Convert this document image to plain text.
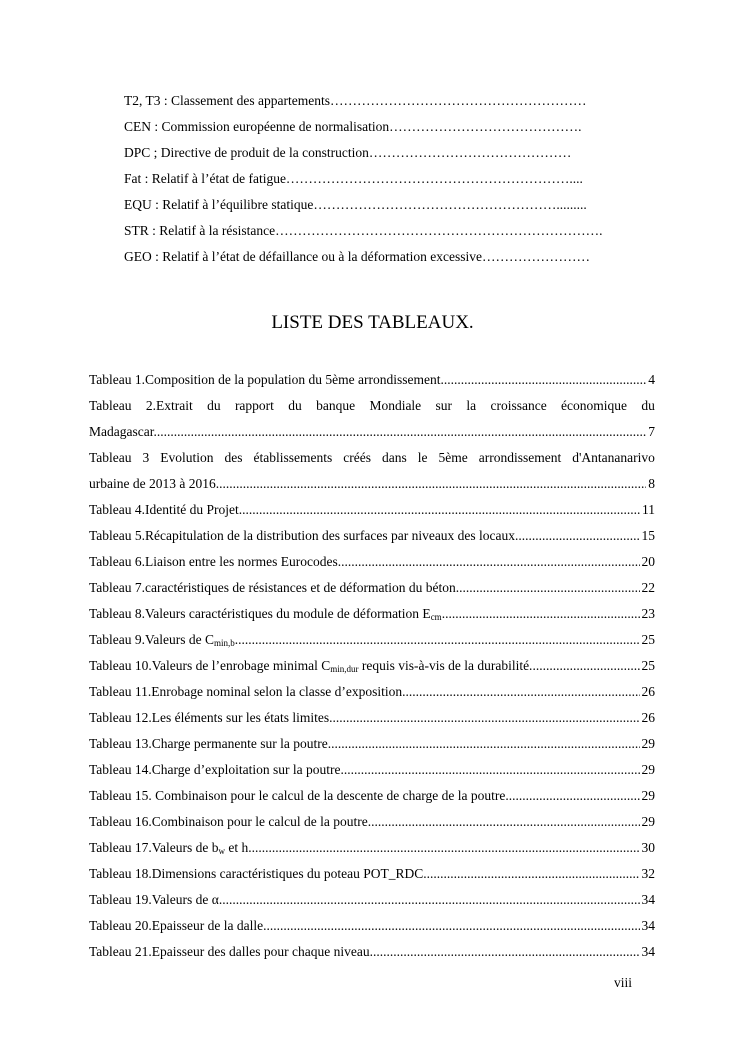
T2, T3 : Classement des appartements…………………………………………………
CEN : Commission européenne de normalisation…………………………………….
DPC ; Directive de produit de la construction………………………………………
Fat : Relatif à l’état de fatigue………………………………………………………....
EQU : Relatif à l’équilibre statique……………………………………………….........
STR : Relatif à la résistance……………………………………………………………….
GEO : Relatif à l’état de défaillance ou à la déformation excessive……………………
LISTE DES TABLEAUX.
Tableau 1.Composition de la population du 5ème arrondissement. .....	4
Tableau 2.Extrait du rapport du banque Mondiale sur la croissance économique du
Madagascar. .....	7
Tableau 3 Evolution des établissements créés dans le 5ème arrondissement d'Antananarivo
urbaine de 2013 à 2016. .....	8
Tableau 4.Identité du Projet. .....	11
Tableau 5.Récapitulation de la distribution des surfaces par niveaux des locaux. .....	15
Tableau 6.Liaison entre les normes Eurocodes. .....	20
Tableau 7.caractéristiques de résistances et de déformation du béton. .....	22
Tableau 8.Valeurs caractéristiques du module de déformation $E_{cm}$. .....	23
Tableau 9.Valeurs de $C_{min,b}$ .....	25
Tableau 10.Valeurs de l’enrobage minimal $C_{min,dur}$ requis vis-à-vis de la durabilité. .....	25
Tableau 11.Enrobage nominal selon la classe d’exposition. .....	26
Tableau 12.Les éléments sur les états limites. .....	26
Tableau 13.Charge permanente sur la poutre. .....	29
Tableau 14.Charge d’exploitation sur la poutre .....	29
Tableau 15. Combinaison pour le calcul de la descente de charge de la poutre. .....	29
Tableau 16.Combinaison pour le calcul de la poutre. .....	29
Tableau 17.Valeurs de $b_w$ et h. .....	30
Tableau 18.Dimensions caractéristiques du poteau POT_RDC .....	32
Tableau 19.Valeurs de α. .....	34
Tableau 20.Epaisseur de la dalle. .....	34
Tableau 21.Epaisseur des dalles pour chaque niveau. .....	34
viii
